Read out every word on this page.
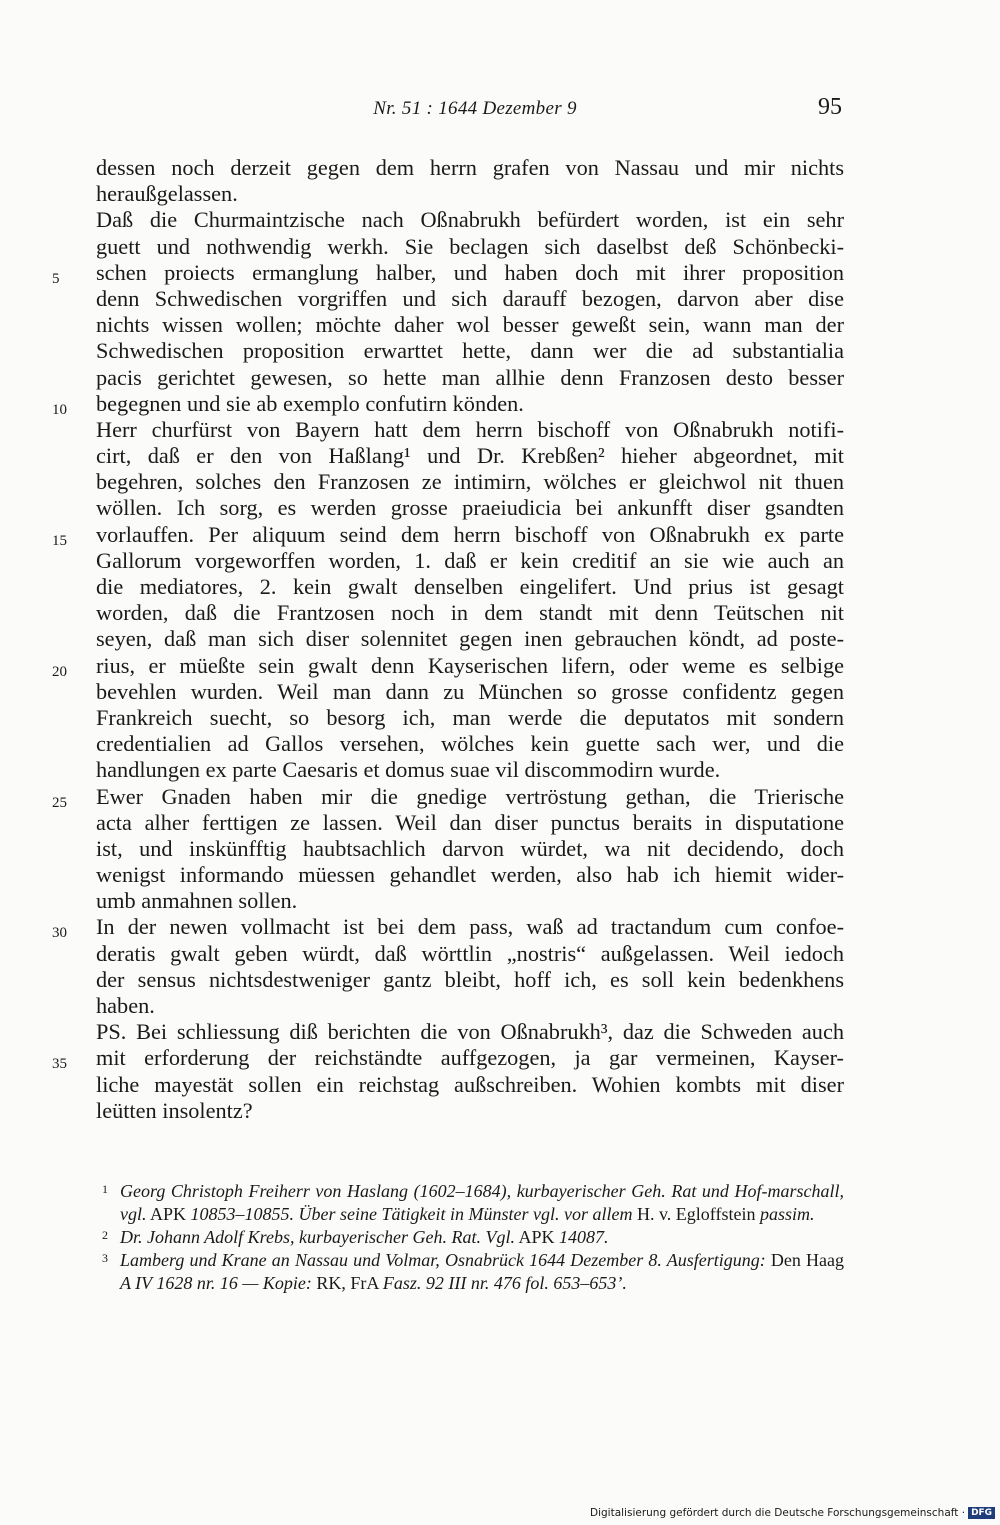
Nr. 51 : 1644 Dezember 9	95
dessen noch derzeit gegen dem herrn grafen von Nassau und mir nichts
heraußgelassen.
Daß die Churmaintzische nach Oßnabrukh befürdert worden, ist ein sehr
guett und nothwendig werkh. Sie beclagen sich daselbst deß Schönbecki-
schen proiects ermanglung halber, und haben doch mit ihrer proposition
5
denn Schwedischen vorgriffen und sich darauff bezogen, darvon aber dise
nichts wissen wollen; möchte daher wol besser geweßt sein, wann man der
Schwedischen proposition erwarttet hette, dann wer die ad substantialia
pacis gerichtet gewesen, so hette man allhie denn Franzosen desto besser
begegnen und sie ab exemplo confutirn könden.
10
Herr churfürst von Bayern hatt dem herrn bischoff von Oßnabrukh notifi-
cirt, daß er den von Haßlang¹ und Dr. Krebßen² hieher abgeordnet, mit
begehren, solches den Franzosen ze intimirn, wölches er gleichwol nit thuen
wöllen. Ich sorg, es werden grosse praeiudicia bei ankunfft diser gsandten
vorlauffen. Per aliquum seind dem herrn bischoff von Oßnabrukh ex parte
15
Gallorum vorgeworffen worden, 1. daß er kein creditif an sie wie auch an
die mediatores, 2. kein gwalt denselben eingelifert. Und prius ist gesagt
worden, daß die Frantzosen noch in dem standt mit denn Teütschen nit
seyen, daß man sich diser solennitet gegen inen gebrauchen köndt, ad poste-
rius, er müeßte sein gwalt denn Kayserischen lifern, oder weme es selbige
20
bevehlen wurden. Weil man dann zu München so grosse confidentz gegen
Frankreich suecht, so besorg ich, man werde die deputatos mit sondern
credentialien ad Gallos versehen, wölches kein guette sach wer, und die
handlungen ex parte Caesaris et domus suae vil discommodirn wurde.
Ewer Gnaden haben mir die gnedige vertröstung gethan, die Trierische
25
acta alher ferttigen ze lassen. Weil dan diser punctus beraits in disputatione
ist, und inskünfftig haubtsachlich darvon würdet, wa nit decidendo, doch
wenigst informando müessen gehandlet werden, also hab ich hiemit wider-
umb anmahnen sollen.
In der newen vollmacht ist bei dem pass, waß ad tractandum cum confoe-
30
deratis gwalt geben würdt, daß wörttlin „nostris“ außgelassen. Weil iedoch
der sensus nichtsdestweniger gantz bleibt, hoff ich, es soll kein bedenkhens
haben.
PS. Bei schliessung diß berichten die von Oßnabrukh³, daz die Schweden auch
mit erforderung der reichständte auffgezogen, ja gar vermeinen, Kayser-
35
liche mayestät sollen ein reichstag außschreiben. Wohien kombts mit diser
leütten insolentz?
1 Georg Christoph Freiherr von Haslang (1602–1684), kurbayerischer Geh. Rat und Hof-marschall, vgl. APK 10853–10855. Über seine Tätigkeit in Münster vgl. vor allem H. v. Egloffstein passim.
2 Dr. Johann Adolf Krebs, kurbayerischer Geh. Rat. Vgl. APK 14087.
3 Lamberg und Krane an Nassau und Volmar, Osnabrück 1644 Dezember 8. Ausfertigung: Den Haag A IV 1628 nr. 16 — Kopie: RK, FrA Fasz. 92 III nr. 476 fol. 653–653’.
Digitalisierung gefördert durch die Deutsche Forschungsgemeinschaft · DFG
